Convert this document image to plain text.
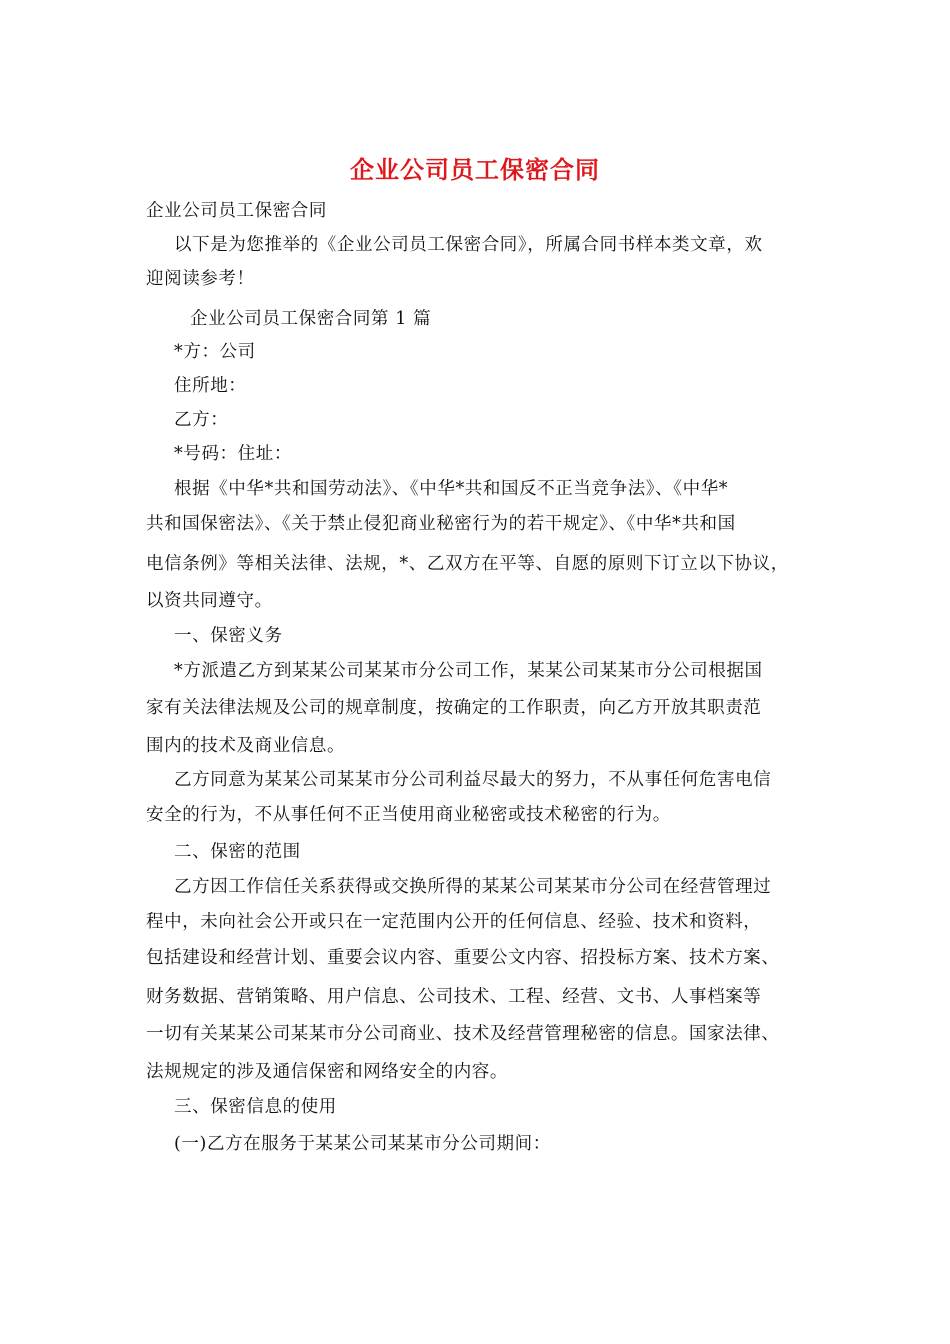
企业公司员工保密合同
企业公司员工保密合同
以下是为您推举的《企业公司员工保密合同》，所属合同书样本类文章，欢
迎阅读参考！
企业公司员工保密合同第 1 篇
*方：公司
住所地：
乙方：
*号码：住址：
根据《中华*共和国劳动法》、《中华*共和国反不正当竞争法》、《中华*
共和国保密法》、《关于禁止侵犯商业秘密行为的若干规定》、《中华*共和国
电信条例》等相关法律、法规，*、乙双方在平等、自愿的原则下订立以下协议，
以资共同遵守。
一、保密义务
*方派遣乙方到某某公司某某市分公司工作，某某公司某某市分公司根据国
家有关法律法规及公司的规章制度，按确定的工作职责，向乙方开放其职责范
围内的技术及商业信息。
乙方同意为某某公司某某市分公司利益尽最大的努力，不从事任何危害电信
安全的行为，不从事任何不正当使用商业秘密或技术秘密的行为。
二、保密的范围
乙方因工作信任关系获得或交换所得的某某公司某某市分公司在经营管理过
程中，未向社会公开或只在一定范围内公开的任何信息、经验、技术和资料，
包括建设和经营计划、重要会议内容、重要公文内容、招投标方案、技术方案、
财务数据、营销策略、用户信息、公司技术、工程、经营、文书、人事档案等
一切有关某某公司某某市分公司商业、技术及经营管理秘密的信息。国家法律、
法规规定的涉及通信保密和网络安全的内容。
三、保密信息的使用
(一)乙方在服务于某某公司某某市分公司期间：
